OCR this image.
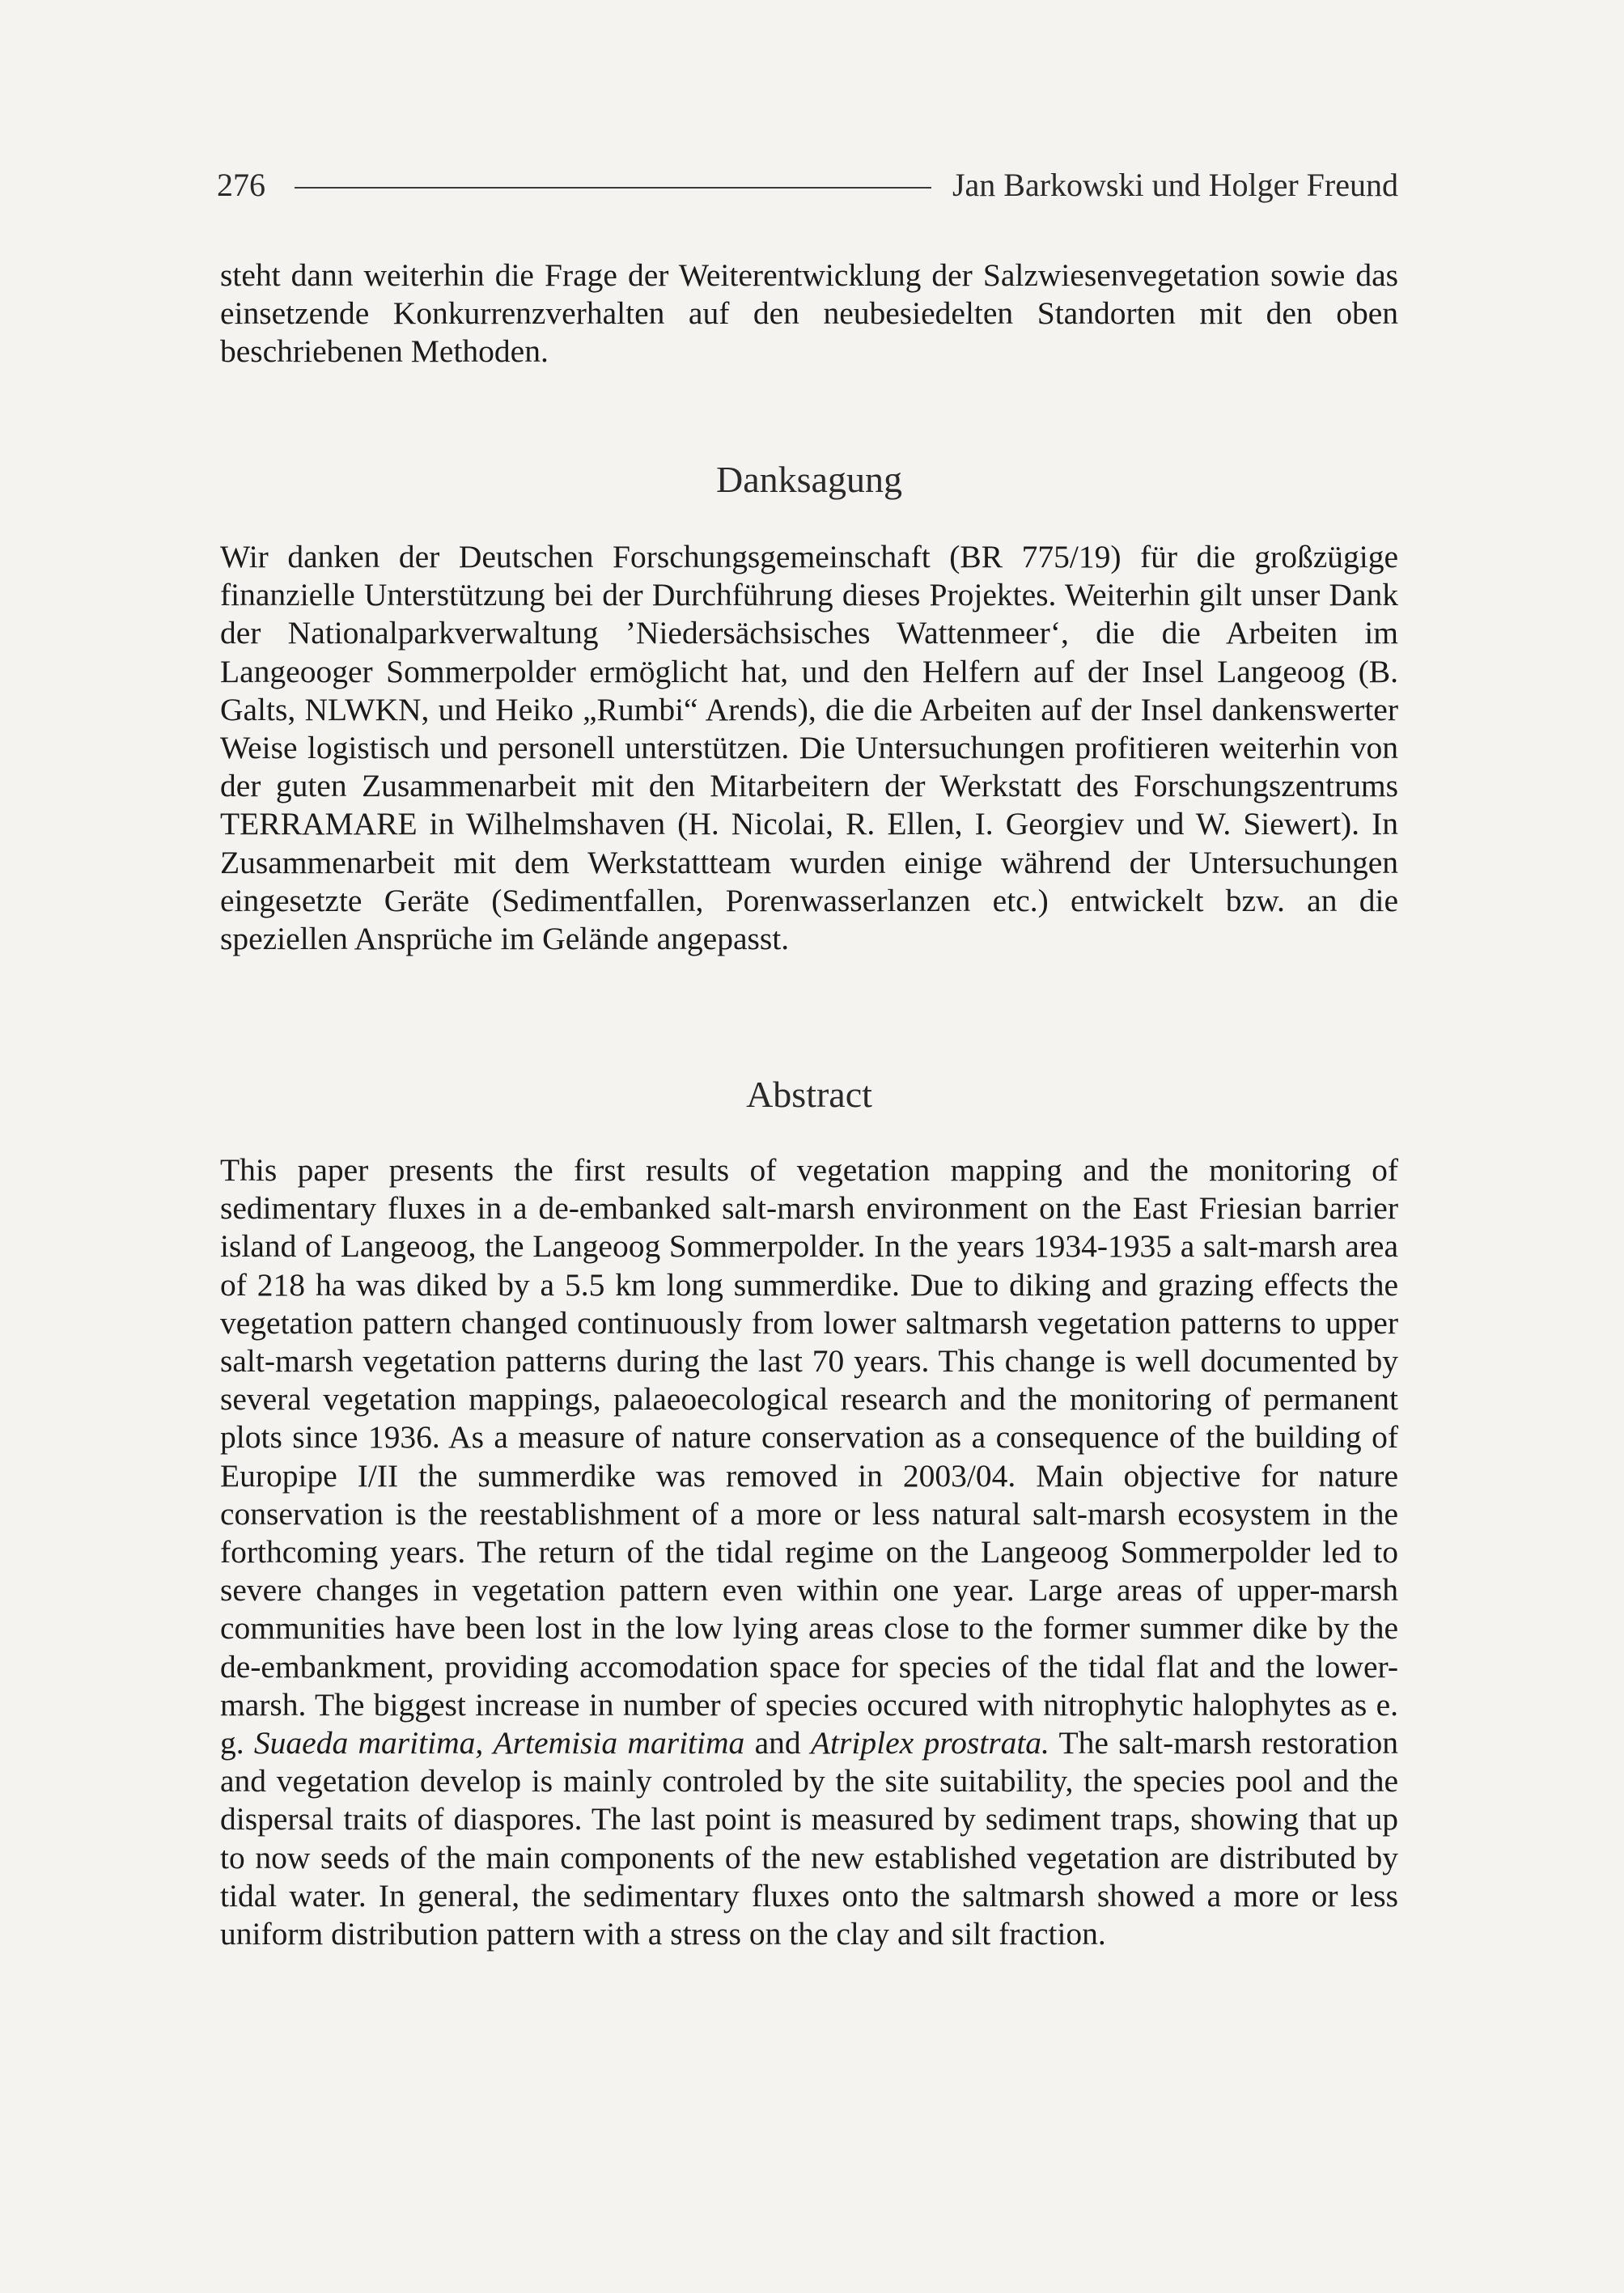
276	Jan Barkowski und Holger Freund

steht dann weiterhin die Frage der Weiterentwicklung der Salzwiesenvegetation sowie das einsetzende Konkurrenzverhalten auf den neubesiedelten Standorten mit den oben beschriebenen Methoden.

Danksagung

Wir danken der Deutschen Forschungsgemeinschaft (BR 775/19) für die großzügige finanzielle Unterstützung bei der Durchführung dieses Projektes. Weiterhin gilt unser Dank der Nationalparkverwaltung ’Niedersächsisches Wattenmeer‘, die die Arbeiten im Langeooger Sommerpolder ermöglicht hat, und den Helfern auf der Insel Langeoog (B. Galts, NLWKN, und Heiko „Rumbi“ Arends), die die Arbeiten auf der Insel dankenswerter Weise logistisch und personell unterstützen. Die Untersuchungen profitieren weiterhin von der guten Zusammenarbeit mit den Mitarbeitern der Werkstatt des Forschungszentrums TERRAMARE in Wilhelmshaven (H. Nicolai, R. Ellen, I. Georgiev und W. Siewert). In Zusammenarbeit mit dem Werkstattteam wurden einige während der Untersuchungen eingesetzte Geräte (Sedimentfallen, Porenwasserlanzen etc.) entwickelt bzw. an die speziellen Ansprüche im Gelände angepasst.

Abstract

This paper presents the first results of vegetation mapping and the monitoring of sedimentary fluxes in a de-embanked salt-marsh environment on the East Friesian barrier island of Langeoog, the Langeoog Sommerpolder. In the years 1934-1935 a salt-marsh area of 218 ha was diked by a 5.5 km long summerdike. Due to diking and grazing effects the vegetation pattern changed continuously from lower saltmarsh vegetation patterns to upper salt-marsh vegetation patterns during the last 70 years. This change is well documented by several vegetation mappings, palaeoecological research and the monitoring of permanent plots since 1936. As a measure of nature conservation as a consequence of the building of Europipe I/II the summerdike was removed in 2003/04. Main objective for nature conservation is the reestablishment of a more or less natural salt-marsh ecosystem in the forthcoming years. The return of the tidal regime on the Langeoog Sommerpolder led to severe changes in vegetation pattern even within one year. Large areas of upper-marsh communities have been lost in the low lying areas close to the former summer dike by the de-embankment, providing accomodation space for species of the tidal flat and the lower-marsh. The biggest increase in number of species occured with nitrophytic halophytes as e. g. Suaeda maritima, Artemisia maritima and Atriplex prostrata. The salt-marsh restoration and vegetation develop is mainly controled by the site suitability, the species pool and the dispersal traits of diaspores. The last point is measured by sediment traps, showing that up to now seeds of the main components of the new established vegetation are distributed by tidal water. In general, the sedimentary fluxes onto the saltmarsh showed a more or less uniform distribution pattern with a stress on the clay and silt fraction.
